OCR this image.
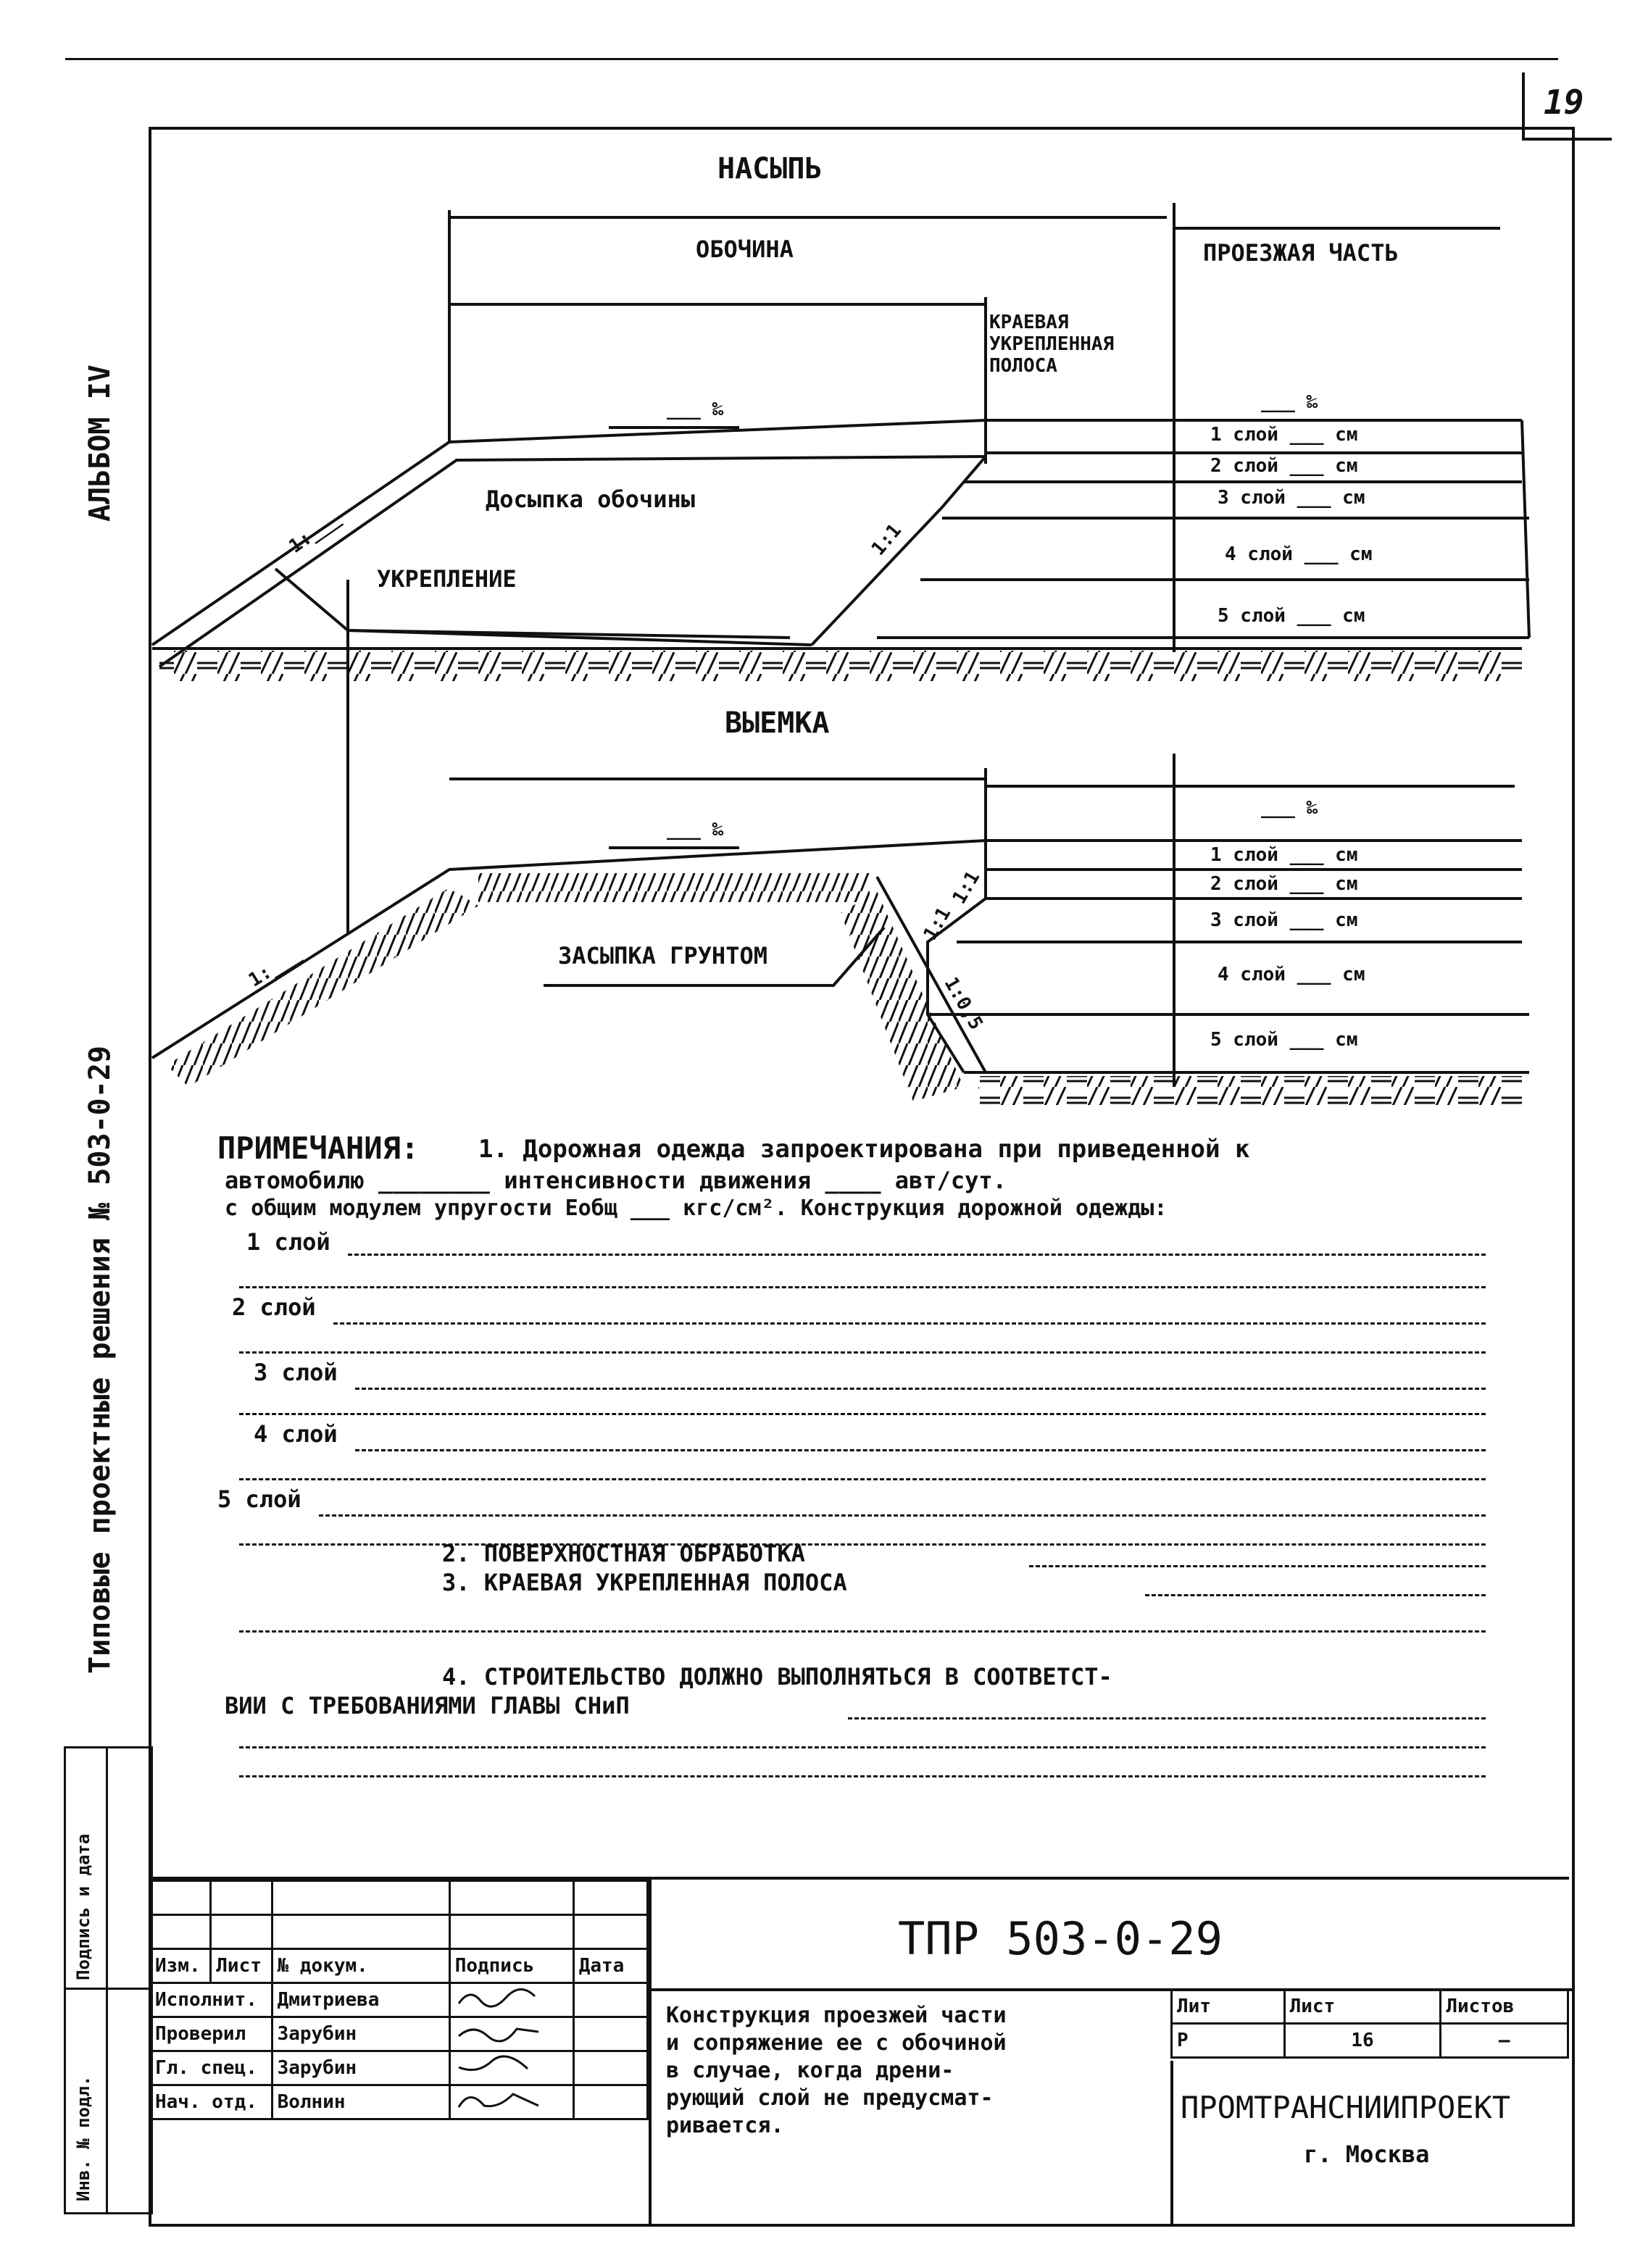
19
АЛЬБОМ IV
Типовые проектные решения № 503-0-29
Подпись и дата
Инв. № подл.
НАСЫПЬ
ОБОЧИНА	ПРОЕЗЖАЯ ЧАСТЬ
КРАЕВАЯ УКРЕПЛЕННАЯ ПОЛОСА
___ ‰	___ ‰
Досыпка обочины
УКРЕПЛЕНИЕ
1:___	1:1
1 слой ___ см
2 слой ___ см
3 слой ___ см
4 слой ___ см
5 слой ___ см
ВЫЕМКА
___ ‰
___ ‰
ЗАСЫПКА ГРУНТОМ
1:___
1:1
1:1
1:0,5
1 слой ___ см
2 слой ___ см
3 слой ___ см
4 слой ___ см
5 слой ___ см
ПРИМЕЧАНИЯ: 1. Дорожная одежда запроектирована при приведенной к
автомобилю ________ интенсивности движения ____ авт/сут.
с общим модулем упругости Еобщ ___ кгс/см². Конструкция дорожной одежды:
1 слой
2 слой
3 слой
4 слой
5 слой
2. ПОВЕРХНОСТНАЯ ОБРАБОТКА
3. КРАЕВАЯ УКРЕПЛЕННАЯ ПОЛОСА
4. СТРОИТЕЛЬСТВО ДОЛЖНО ВЫПОЛНЯТЬСЯ В СООТВЕТСТ-
ВИИ С ТРЕБОВАНИЯМИ ГЛАВЫ СНиП

Изм.	Лист	№ докум.	Подпись	Дата
Исполнит.		Дмитриева		
Проверил		Зарубин		
Гл. спец.		Зарубин		
Нач. отд.		Волнин		
ТПР 503-0-29
Конструкция проезжей части
и сопряжение ее с обочиной
в случае, когда дрени-
рующий слой не предусмат-
ривается.
Лит	Лист	Листов
Р	16	—
ПРОМТРАНСНИИПРОЕКТ
г. Москва
